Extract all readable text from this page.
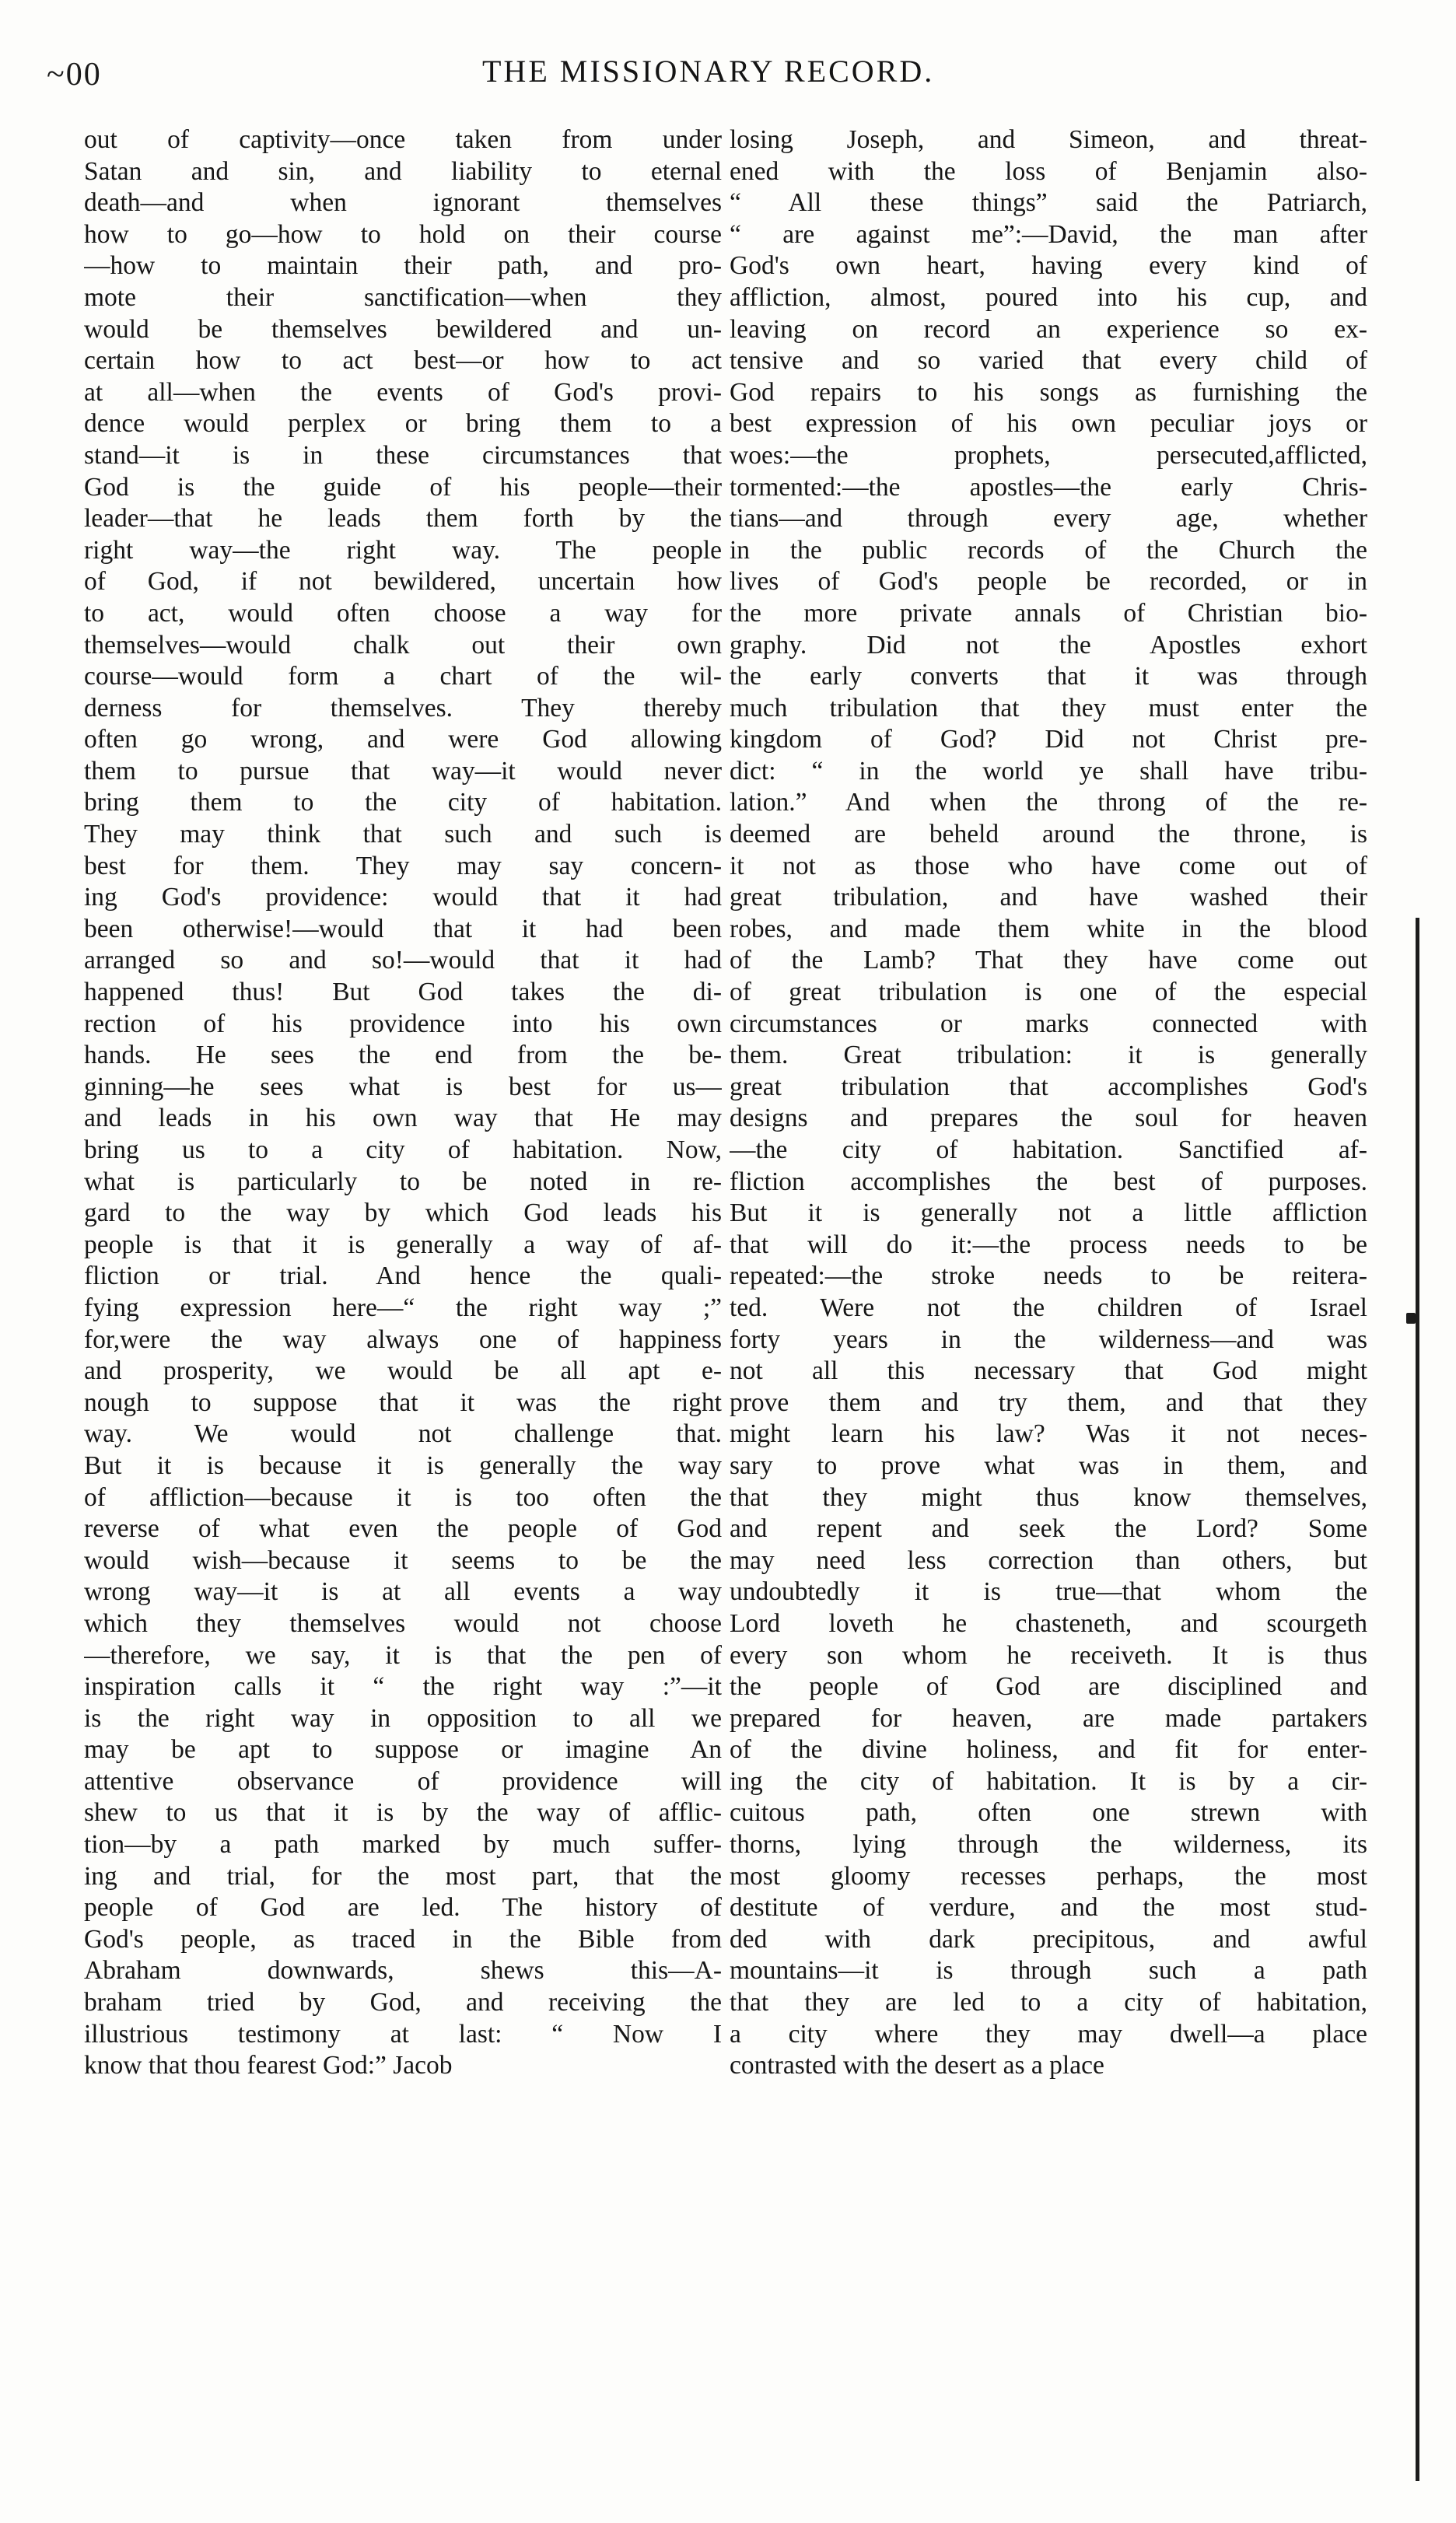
~00	THE MISSIONARY RECORD.
out of captivity—once taken from under
Satan and sin, and liability to eternal
death—and when ignorant themselves
how to go—how to hold on their course
—how to maintain their path, and pro-
mote their sanctification—when they
would be themselves bewildered and un-
certain how to act best—or how to act
at all—when the events of God's provi-
dence would perplex or bring them to a
stand—it is in these circumstances that
God is the guide of his people—their
leader—that he leads them forth by the
right way—the right way. The people
of God, if not bewildered, uncertain how
to act, would often choose a way for
themselves—would chalk out their own
course—would form a chart of the wil-
derness for themselves. They thereby
often go wrong, and were God allowing
them to pursue that way—it would never
bring them to the city of habitation.
They may think that such and such is
best for them. They may say concern-
ing God's providence: would that it had
been otherwise!—would that it had been
arranged so and so!—would that it had
happened thus! But God takes the di-
rection of his providence into his own
hands. He sees the end from the be-
ginning—he sees what is best for us—
and leads in his own way that He may
bring us to a city of habitation. Now,
what is particularly to be noted in re-
gard to the way by which God leads his
people is that it is generally a way of af-
fliction or trial. And hence the quali-
fying expression here—“ the right way ;”
for,were the way always one of happiness
and prosperity, we would be all apt e-
nough to suppose that it was the right
way. We would not challenge that.
But it is because it is generally the way
of affliction—because it is too often the
reverse of what even the people of God
would wish—because it seems to be the
wrong way—it is at all events a way
which they themselves would not choose
—therefore, we say, it is that the pen of
inspiration calls it “ the right way :”—it
is the right way in opposition to all we
may be apt to suppose or imagine An
attentive observance of providence will
shew to us that it is by the way of afflic-
tion—by a path marked by much suffer-
ing and trial, for the most part, that the
people of God are led. The history of
God's people, as traced in the Bible from
Abraham downwards, shews this—A-
braham tried by God, and receiving the
illustrious testimony at last: “ Now I
know that thou fearest God:” Jacob
losing Joseph, and Simeon, and threat-
ened with the loss of Benjamin also-
“ All these things” said the Patriarch,
“ are against me”:—David, the man after
God's own heart, having every kind of
affliction, almost, poured into his cup, and
leaving on record an experience so ex-
tensive and so varied that every child of
God repairs to his songs as furnishing the
best expression of his own peculiar joys or
woes:—the prophets, persecuted,afflicted,
tormented:—the apostles—the early Chris-
tians—and through every age, whether
in the public records of the Church the
lives of God's people be recorded, or in
the more private annals of Christian bio-
graphy. Did not the Apostles exhort
the early converts that it was through
much tribulation that they must enter the
kingdom of God? Did not Christ pre-
dict: “ in the world ye shall have tribu-
lation.” And when the throng of the re-
deemed are beheld around the throne, is
it not as those who have come out of
great tribulation, and have washed their
robes, and made them white in the blood
of the Lamb? That they have come out
of great tribulation is one of the especial
circumstances or marks connected with
them. Great tribulation: it is generally
great tribulation that accomplishes God's
designs and prepares the soul for heaven
—the city of habitation. Sanctified af-
fliction accomplishes the best of purposes.
But it is generally not a little affliction
that will do it:—the process needs to be
repeated:—the stroke needs to be reitera-
ted. Were not the children of Israel
forty years in the wilderness—and was
not all this necessary that God might
prove them and try them, and that they
might learn his law? Was it not neces-
sary to prove what was in them, and
that they might thus know themselves,
and repent and seek the Lord? Some
may need less correction than others, but
undoubtedly it is true—that whom the
Lord loveth he chasteneth, and scourgeth
every son whom he receiveth. It is thus
the people of God are disciplined and
prepared for heaven, are made partakers
of the divine holiness, and fit for enter-
ing the city of habitation. It is by a cir-
cuitous path, often one strewn with
thorns, lying through the wilderness, its
most gloomy recesses perhaps, the most
destitute of verdure, and the most stud-
ded with dark precipitous, and awful
mountains—it is through such a path
that they are led to a city of habitation,
a city where they may dwell—a place
contrasted with the desert as a place
